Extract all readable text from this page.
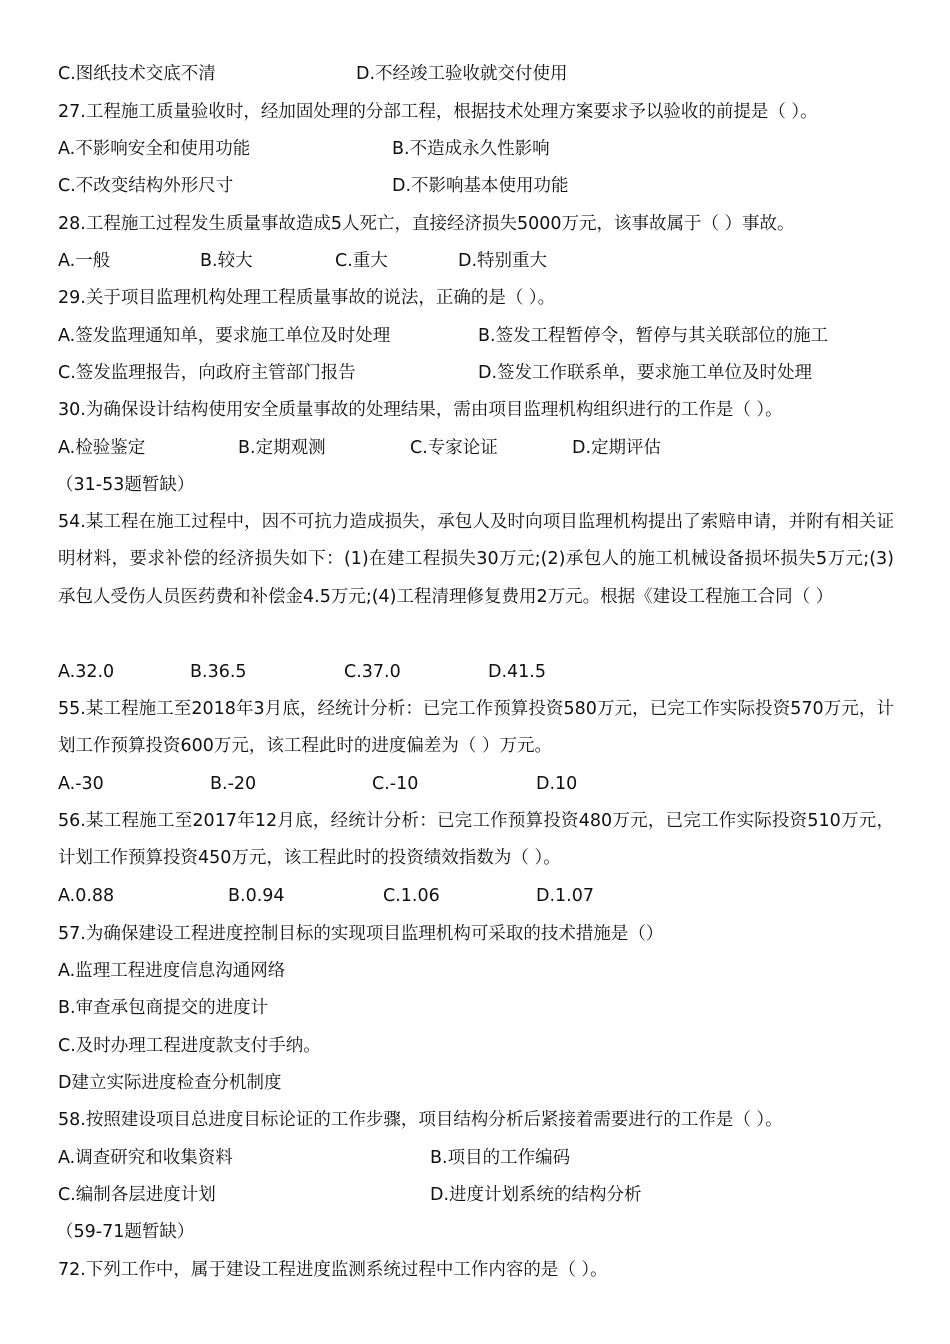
C.图纸技术交底不清	D.不经竣工验收就交付使用
27.工程施工质量验收时，经加固处理的分部工程，根据技术处理方案要求予以验收的前提是（ ）。
A.不影响安全和使用功能	B.不造成永久性影响
C.不改变结构外形尺寸	D.不影响基本使用功能
28.工程施工过程发生质量事故造成5人死亡，直接经济损失5000万元，该事故属于（ ）事故。
A.一般	B.较大	C.重大	D.特别重大
29.关于项目监理机构处理工程质量事故的说法，正确的是（ ）。
A.签发监理通知单，要求施工单位及时处理	B.签发工程暂停令，暂停与其关联部位的施工
C.签发监理报告，向政府主管部门报告	D.签发工作联系单，要求施工单位及时处理
30.为确保设计结构使用安全质量事故的处理结果，需由项目监理机构组织进行的工作是（ ）。
A.检验鉴定	B.定期观测	C.专家论证	D.定期评估
（31-53题暂缺）
54.某工程在施工过程中，因不可抗力造成损失，承包人及时向项目监理机构提出了索赔申请，并附有相关证明材料，要求补偿的经济损失如下：(1)在建工程损失30万元;(2)承包人的施工机械设备损坏损失5万元;(3)承包人受伤人员医药费和补偿金4.5万元;(4)工程清理修复费用2万元。根据《建设工程施工合同（ ）
A.32.0	B.36.5	C.37.0	D.41.5
55.某工程施工至2018年3月底，经统计分析：已完工作预算投资580万元，已完工作实际投资570万元，计划工作预算投资600万元，该工程此时的进度偏差为（ ）万元。
A.-30	B.-20	C.-10	D.10
56.某工程施工至2017年12月底，经统计分析：已完工作预算投资480万元，已完工作实际投资510万元，计划工作预算投资450万元，该工程此时的投资绩效指数为（ ）。
A.0.88	B.0.94	C.1.06	D.1.07
57.为确保建设工程进度控制目标的实现项目监理机构可采取的技术措施是（）
A.监理工程进度信息沟通网络
B.审查承包商提交的进度计
C.及时办理工程进度款支付手纳。
D建立实际进度检查分机制度
58.按照建设项目总进度目标论证的工作步骤，项目结构分析后紧接着需要进行的工作是（ ）。
A.调查研究和收集资料	B.项目的工作编码
C.编制各层进度计划	D.进度计划系统的结构分析
（59-71题暂缺）
72.下列工作中，属于建设工程进度监测系统过程中工作内容的是（ ）。
